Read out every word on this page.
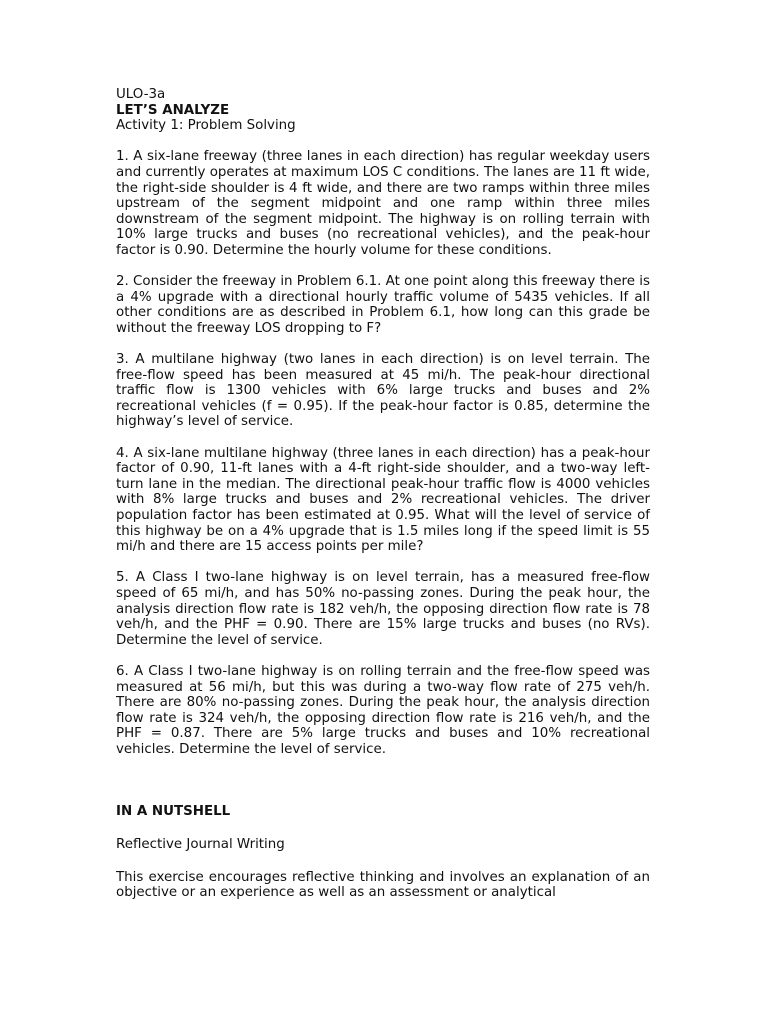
ULO-3a

LET’S ANALYZE

Activity 1: Problem Solving

1. A six-lane freeway (three lanes in each direction) has regular weekday users and currently operates at maximum LOS C conditions. The lanes are 11 ft wide, the right-side shoulder is 4 ft wide, and there are two ramps within three miles upstream of the segment midpoint and one ramp within three miles downstream of the segment midpoint. The highway is on rolling terrain with 10% large trucks and buses (no recreational vehicles), and the peak-hour factor is 0.90. Determine the hourly volume for these conditions.

2. Consider the freeway in Problem 6.1. At one point along this freeway there is a 4% upgrade with a directional hourly traffic volume of 5435 vehicles. If all other conditions are as described in Problem 6.1, how long can this grade be without the freeway LOS dropping to F?

3. A multilane highway (two lanes in each direction) is on level terrain. The free-flow speed has been measured at 45 mi/h. The peak-hour directional traffic flow is 1300 vehicles with 6% large trucks and buses and 2% recreational vehicles (f = 0.95). If the peak-hour factor is 0.85, determine the highway’s level of service.

4. A six-lane multilane highway (three lanes in each direction) has a peak-hour factor of 0.90, 11-ft lanes with a 4-ft right-side shoulder, and a two-way left-turn lane in the median. The directional peak-hour traffic flow is 4000 vehicles with 8% large trucks and buses and 2% recreational vehicles. The driver population factor has been estimated at 0.95. What will the level of service of this highway be on a 4% upgrade that is 1.5 miles long if the speed limit is 55 mi/h and there are 15 access points per mile?

5. A Class I two-lane highway is on level terrain, has a measured free-flow speed of 65 mi/h, and has 50% no-passing zones. During the peak hour, the analysis direction flow rate is 182 veh/h, the opposing direction flow rate is 78 veh/h, and the PHF = 0.90. There are 15% large trucks and buses (no RVs). Determine the level of service.

6. A Class I two-lane highway is on rolling terrain and the free-flow speed was measured at 56 mi/h, but this was during a two-way flow rate of 275 veh/h. There are 80% no-passing zones. During the peak hour, the analysis direction flow rate is 324 veh/h, the opposing direction flow rate is 216 veh/h, and the PHF = 0.87. There are 5% large trucks and buses and 10% recreational vehicles. Determine the level of service.

IN A NUTSHELL

Reflective Journal Writing

This exercise encourages reflective thinking and involves an explanation of an objective or an experience as well as an assessment or analytical
